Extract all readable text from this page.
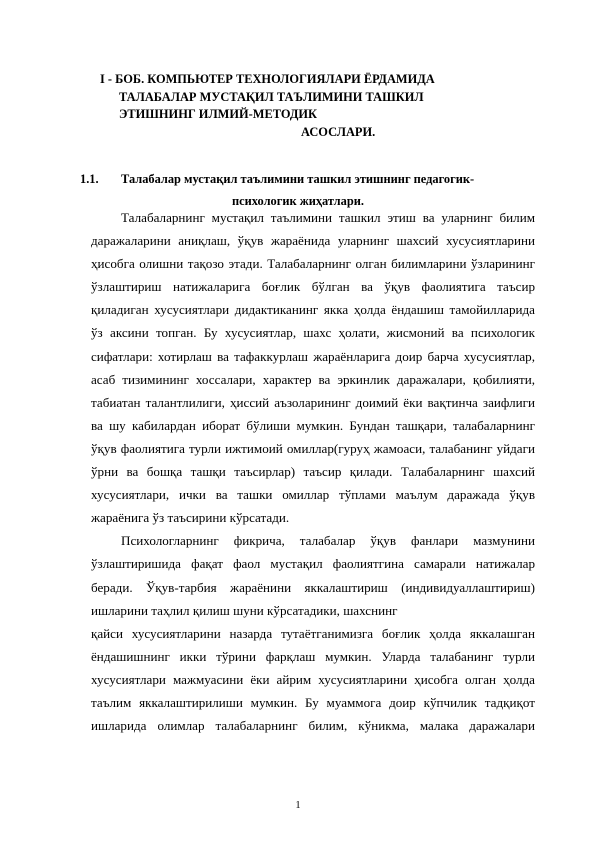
I - БОБ. КОМПЬЮТЕР ТЕХНОЛОГИЯЛАРИ ЁРДАМИДА
ТАЛАБАЛАР МУСТАҚИЛ ТАЪЛИМИНИ ТАШКИЛ
ЭТИШНИНГ ИЛМИЙ-МЕТОДИК
АСОСЛАРИ.
1.1. Талабалар мустақил таълимини ташкил этишнинг педагогик-
психологик жиҳатлари.

Талабаларнинг мустақил таълимини ташкил этиш ва уларнинг билим даражаларини аниқлаш, ўқув жараёнида уларнинг шахсий хусусиятларини ҳисобга олишни тақозо этади. Талабаларнинг олган билимларини ўзларининг ўзлаштириш натижаларига боғлик бўлган ва ўқув фаолиятига таъсир қиладиган хусусиятлари дидактиканинг якка ҳолда ёндашиш тамойилларида ўз аксини топган. Бу хусусиятлар, шахс ҳолати, жисмоний ва психологик сифатлари: хотирлаш ва тафаккурлаш жараёнларига доир барча хусусиятлар, асаб тизимининг хоссалари, характер ва эркинлик даражалари, қобилияти, табиатан талантлилиги, ҳиссий аъзоларининг доимий ёки вақтинча заифлиги ва шу кабилардан иборат бўлиши мумкин. Бундан ташқари, талабаларнинг ўқув фаолиятига турли ижтимоий омиллар(гуруҳ жамоаси, талабанинг уйдаги ўрни ва бошқа ташқи таъсирлар) таъсир қилади. Талабаларнинг шахсий хусусиятлари, ички ва ташки омиллар тўплами маълум даражада ўқув жараёнига ўз таъсирини кўрсатади.

Психологларнинг фикрича, талабалар ўқув фанлари мазмунини ўзлаштиришида фақат фаол мустақил фаолиятгина самарали натижалар беради. Ўқув-тарбия жараёнини яккалаштириш (индивидуаллаштириш) ишларини таҳлил қилиш шуни кўрсатадики, шахснинг

қайси хусусиятларини назарда тутаётганимизга боғлик ҳолда яккалашган ёндашишнинг икки тўрини фарқлаш мумкин. Уларда талабанинг турли хусусиятлари мажмуасини ёки айрим хусусиятларини ҳисобга олган ҳолда таълим яккалаштирилиши мумкин. Бу муаммога доир кўпчилик тадқиқот ишларида олимлар талабаларнинг билим, кўникма, малака даражалари

1
